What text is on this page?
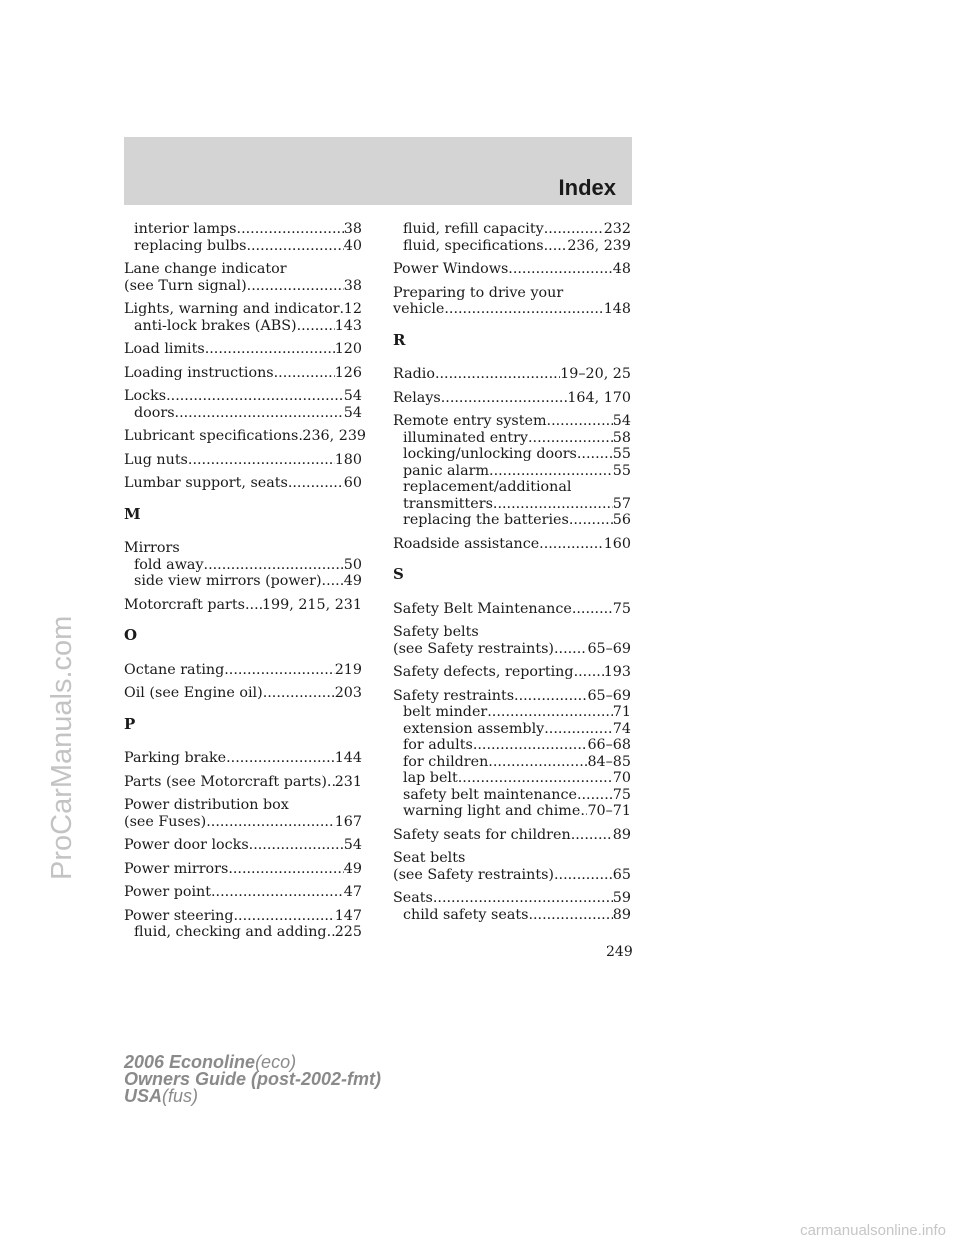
Index
interior lamps .....	38
replacing bulbs .....	40
Lane change indicator
(see Turn signal) .....	38
Lights, warning and indicator ..... 12
anti-lock brakes (ABS) .....	143
Load limits .....	120
Loading instructions .....	126
Locks .....	54
doors .....	54
Lubricant specifications ..... 236, 239
Lug nuts .....	180
Lumbar support, seats .....	60
M
Mirrors
fold away .....	50
side view mirrors (power) ..... 49
Motorcraft parts ..... 199, 215, 231
O
Octane rating .....	219
Oil (see Engine oil) .....	203
P
Parking brake .....	144
Parts (see Motorcraft parts) ..... 231
Power distribution box
(see Fuses) .....	167
Power door locks .....	54
Power mirrors .....	49
Power point .....	47
Power steering .....	147
fluid, checking and adding ..... 225
fluid, refill capacity .....	232
fluid, specifications ..... 236, 239
Power Windows .....	48
Preparing to drive your
vehicle .....	148
R
Radio .....	19–20, 25
Relays .....	164, 170
Remote entry system .....	54
illuminated entry .....	58
locking/unlocking doors .....	55
panic alarm .....	55
replacement/additional
transmitters .....	57
replacing the batteries .....	56
Roadside assistance .....	160
S
Safety Belt Maintenance .....	75
Safety belts
(see Safety restraints) ..... 65–69
Safety defects, reporting ..... 193
Safety restraints .....	65–69
belt minder .....	71
extension assembly .....	74
for adults .....	66–68
for children .....	84–85
lap belt .....	70
safety belt maintenance .....	75
warning light and chime ..... 70–71
Safety seats for children .....	89
Seat belts
(see Safety restraints) .....	65
Seats .....	59
child safety seats .....	89
249
2006 Econoline(eco)
Owners Guide (post-2002-fmt)
USA(fus)
ProCarManuals.com
carmanualsonline.info
